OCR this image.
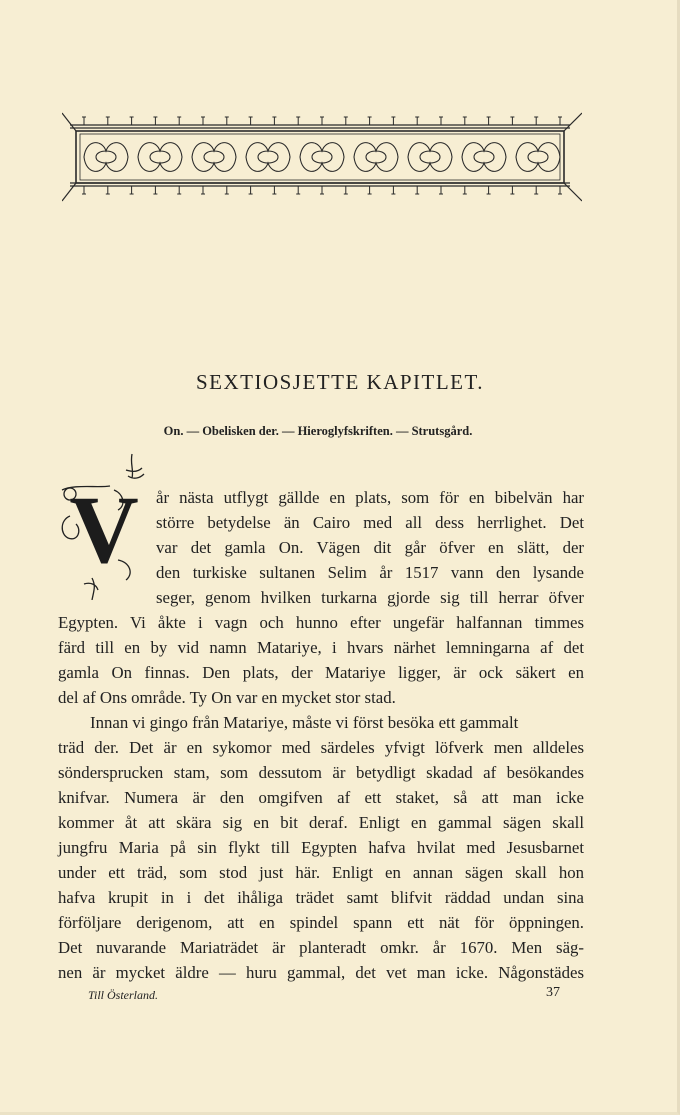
SEXTIOSJETTE KAPITLET.
On. — Obelisken der. — Hieroglyfskriften. — Strutsgård.
V år nästa utflygt gällde en plats, som för en bibelvän har
större betydelse än Cairo med all dess herrlighet. Det
var det gamla On. Vägen dit går öfver en slätt, der
den turkiske sultanen Selim år 1517 vann den lysande
seger, genom hvilken turkarna gjorde sig till herrar öfver
Egypten. Vi åkte i vagn och hunno efter ungefär halfannan timmes
färd till en by vid namn Matariye, i hvars närhet lemningarna af det
gamla On finnas. Den plats, der Matariye ligger, är ock säkert en
del af Ons område. Ty On var en mycket stor stad.
Innan vi gingo från Matariye, måste vi först besöka ett gammalt
träd der. Det är en sykomor med särdeles yfvigt löfverk men alldeles
söndersprucken stam, som dessutom är betydligt skadad af besökandes
knifvar. Numera är den omgifven af ett staket, så att man icke
kommer åt att skära sig en bit deraf. Enligt en gammal sägen skall
jungfru Maria på sin flykt till Egypten hafva hvilat med Jesusbarnet
under ett träd, som stod just här. Enligt en annan sägen skall hon
hafva krupit in i det ihåliga trädet samt blifvit räddad undan sina
förföljare derigenom, att en spindel spann ett nät för öppningen.
Det nuvarande Mariaträdet är planteradt omkr. år 1670. Men säg-
nen är mycket äldre — huru gammal, det vet man icke. Någonstädes
Till Österland.	37
